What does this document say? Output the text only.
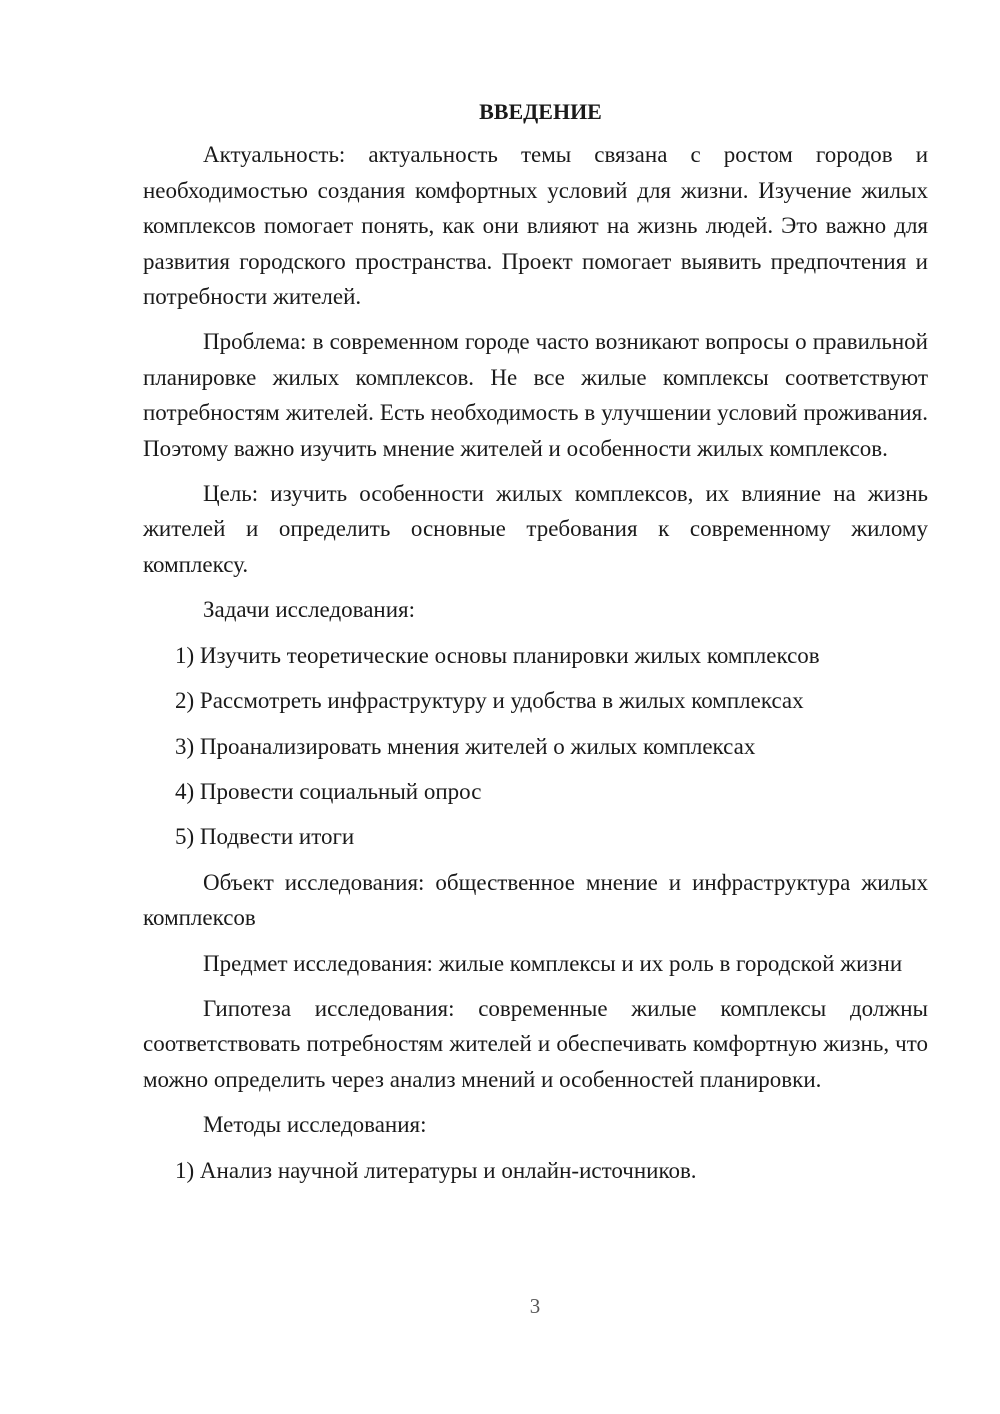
ВВЕДЕНИЕ

Актуальность: актуальность темы связана с ростом городов и необходимостью создания комфортных условий для жизни. Изучение жилых комплексов помогает понять, как они влияют на жизнь людей. Это важно для развития городского пространства. Проект помогает выявить предпочтения и потребности жителей.

Проблема: в современном городе часто возникают вопросы о правильной планировке жилых комплексов. Не все жилые комплексы соответствуют потребностям жителей. Есть необходимость в улучшении условий проживания. Поэтому важно изучить мнение жителей и особенности жилых комплексов.

Цель: изучить особенности жилых комплексов, их влияние на жизнь жителей и определить основные требования к современному жилому комплексу.

Задачи исследования:

1) Изучить теоретические основы планировки жилых комплексов
2) Рассмотреть инфраструктуру и удобства в жилых комплексах
3) Проанализировать мнения жителей о жилых комплексах
4) Провести социальный опрос
5) Подвести итоги

Объект исследования: общественное мнение и инфраструктура жилых комплексов

Предмет исследования: жилые комплексы и их роль в городской жизни

Гипотеза исследования: современные жилые комплексы должны соответствовать потребностям жителей и обеспечивать комфортную жизнь, что можно определить через анализ мнений и особенностей планировки.

Методы исследования:

1) Анализ научной литературы и онлайн-источников.
3
